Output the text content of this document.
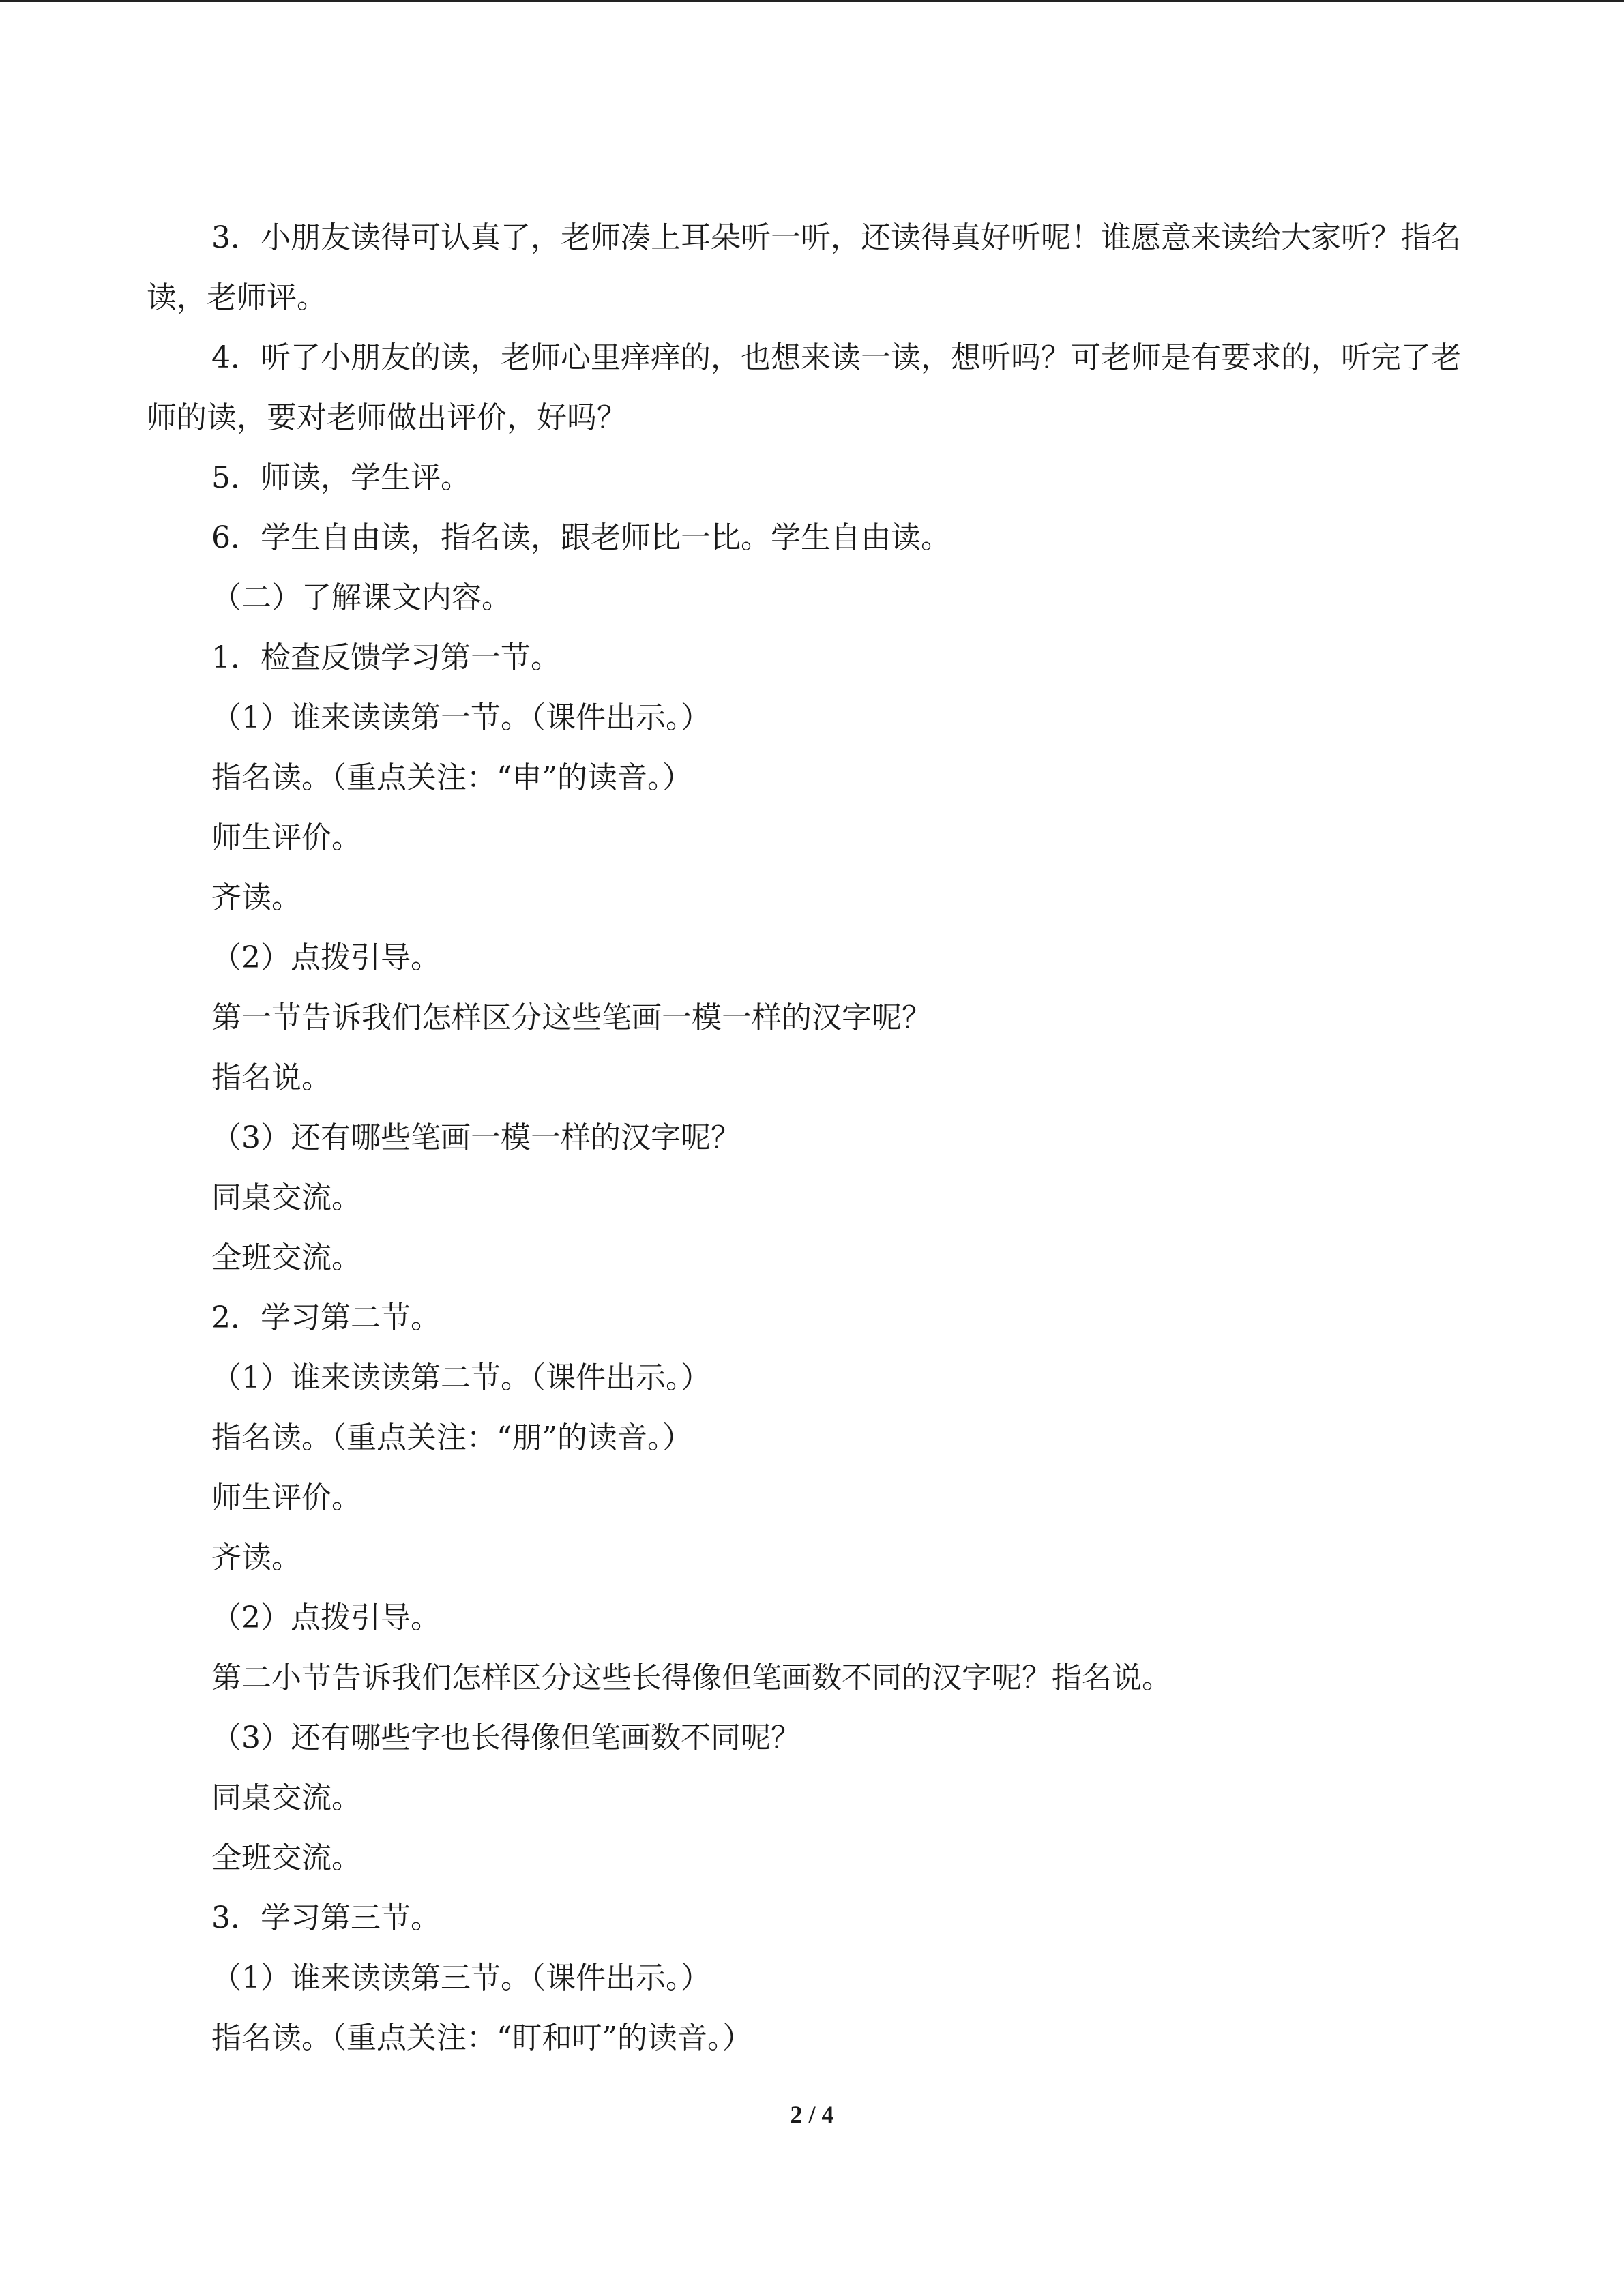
3．小朋友读得可认真了，老师凑上耳朵听一听，还读得真好听呢！谁愿意来读给大家听？指名读，老师评。

4．听了小朋友的读，老师心里痒痒的，也想来读一读，想听吗？可老师是有要求的，听完了老师的读，要对老师做出评价，好吗？

5．师读，学生评。

6．学生自由读，指名读，跟老师比一比。学生自由读。

（二）了解课文内容。

1．检查反馈学习第一节。

（1）谁来读读第一节。（课件出示。）

指名读。（重点关注：“申”的读音。）

师生评价。

齐读。

（2）点拨引导。

第一节告诉我们怎样区分这些笔画一模一样的汉字呢？

指名说。

（3）还有哪些笔画一模一样的汉字呢？

同桌交流。

全班交流。

2．学习第二节。

（1）谁来读读第二节。（课件出示。）

指名读。（重点关注：“朋”的读音。）

师生评价。

齐读。

（2）点拨引导。

第二小节告诉我们怎样区分这些长得像但笔画数不同的汉字呢？指名说。

（3）还有哪些字也长得像但笔画数不同呢？

同桌交流。

全班交流。

3．学习第三节。

（1）谁来读读第三节。（课件出示。）

指名读。（重点关注：“盯和叮”的读音。）

2 / 4
